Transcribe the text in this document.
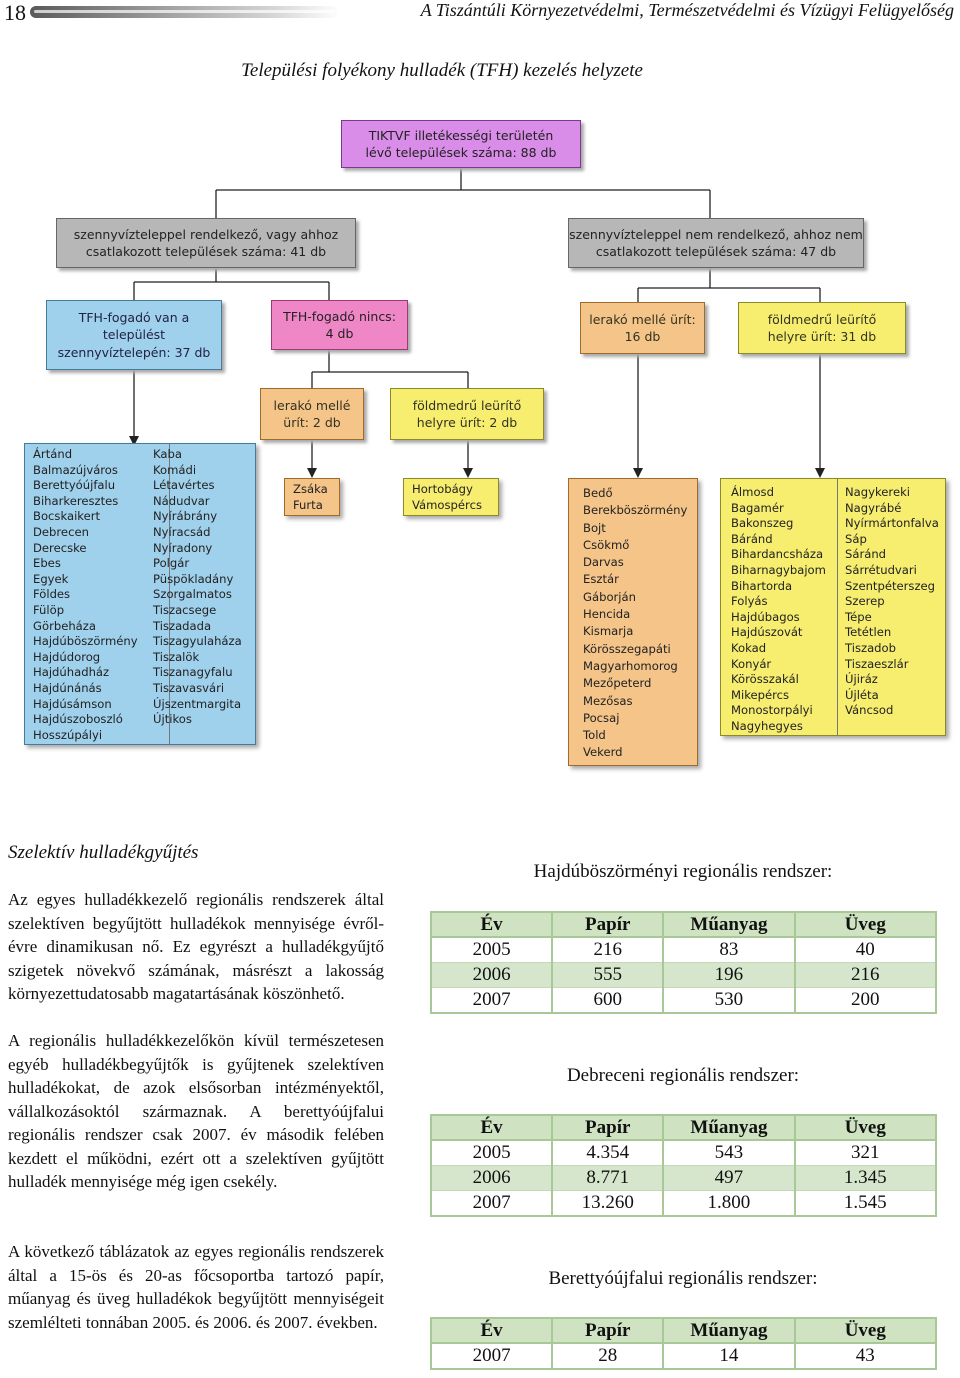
18	A Tiszántúli Környezetvédelmi, Természetvédelmi és Vízügyi Felügyelőség
Települési folyékony hulladék (TFH) kezelés helyzete
TIKTVF illetékességi területén
lévő települések száma: 88 db
szennyvízteleppel rendelkező, vagy ahhoz
csatlakozott települések száma: 41 db
szennyvízteleppel nem rendelkező, ahhoz nem
csatlakozott települések száma: 47 db
TFH-fogadó van a
települést
szennyvíztelepén: 37 db
TFH-fogadó nincs:
4 db
lerakó mellé
ürít: 2 db
földmedrű leürítő
helyre ürít: 2 db
lerakó mellé ürít:
16 db
földmedrű leürítő
helyre ürít: 31 db
Ártánd
Balmazújváros
Berettyóújfalu
Biharkeresztes
Bocskaikert
Debrecen
Derecske
Ebes
Egyek
Földes
Fülöp
Görbeháza
Hajdúböszörmény
Hajdúdorog
Hajdúhadház
Hajdúnánás
Hajdúsámson
Hajdúszoboszló
Hosszúpályi
Kaba
Komádi
Létavértes
Nádudvar
Nyírábrány
Nyíracsád
Nyíradony
Polgár
Püspökladány
Szorgalmatos
Tiszacsege
Tiszadada
Tiszagyulaháza
Tiszalök
Tiszanagyfalu
Tiszavasvári
Újszentmargita
Újtikos
Zsáka
Furta
Hortobágy
Vámospércs
Bedő
Berekböszörmény
Bojt
Csökmő
Darvas
Esztár
Gáborján
Hencida
Kismarja
Körösszegapáti
Magyarhomorog
Mezőpeterd
Mezősas
Pocsaj
Told
Vekerd
Álmosd
Bagamér
Bakonszeg
Báránd
Bihardancsháza
Biharnagybajom
Bihartorda
Folyás
Hajdúbagos
Hajdúszovát
Kokad
Konyár
Körösszakál
Mikepércs
Monostorpályi
Nagyhegyes
Nagykereki
Nagyrábé
Nyírmártonfalva
Sáp
Sáránd
Sárrétudvari
Szentpéterszeg
Szerep
Tépe
Tetétlen
Tiszadob
Tiszaeszlár
Újiráz
Újléta
Váncsod
Szelektív hulladékgyűjtés
Az egyes hulladékkezelő regionális rendszerek által szelektíven begyűjtött hulladékok mennyisége évről-évre dinamikusan nő. Ez egyrészt a hulladékgyűjtő szigetek növekvő számának, másrészt a lakosság környezettudatosabb magatartásának köszönhető.
A regionális hulladékkezelőkön kívül természetesen egyéb hulladékbegyűjtők is gyűjtenek szelektíven hulladékokat, de azok elsősorban intézményektől, vállalkozásoktól származnak. A berettyóújfalui regionális rendszer csak 2007. év második felében kezdett el működni, ezért ott a szelektíven gyűjtött hulladék mennyisége még igen csekély.
A következő táblázatok az egyes regionális rendszerek által a 15-ös és 20-as főcsoportba tartozó papír, műanyag és üveg hulladékok begyűjtött mennyiségeit szemlélteti tonnában 2005. és 2006. és 2007. években.
Hajdúböszörményi regionális rendszer:
Év	Papír	Műanyag	Üveg
2005	216	83	40
2006	555	196	216
2007	600	530	200
Debreceni regionális rendszer:
Év	Papír	Műanyag	Üveg
2005	4.354	543	321
2006	8.771	497	1.345
2007	13.260	1.800	1.545
Berettyóújfalui regionális rendszer:
Év	Papír	Műanyag	Üveg
2007	28	14	43
